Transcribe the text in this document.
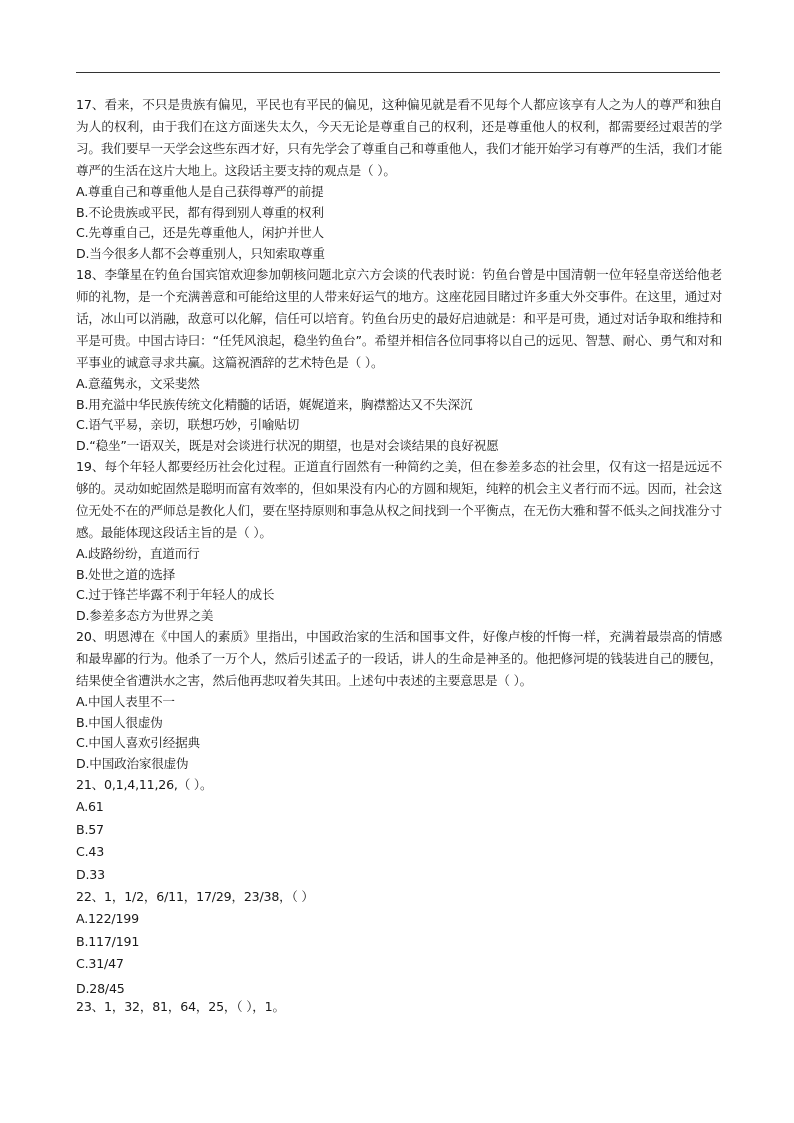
17、看来，不只是贵族有偏见，平民也有平民的偏见，这种偏见就是看不见每个人都应该享有人之为人的尊严和独自为人的权利，由于我们在这方面迷失太久，今天无论是尊重自己的权利，还是尊重他人的权利，都需要经过艰苦的学习。我们要早一天学会这些东西才好，只有先学会了尊重自己和尊重他人，我们才能开始学习有尊严的生活，我们才能尊严的生活在这片大地上。这段话主要支持的观点是（ ）。

A.尊重自己和尊重他人是自己获得尊严的前提

B.不论贵族或平民，都有得到别人尊重的权利

C.先尊重自己，还是先尊重他人，闲护并世人

D.当今很多人都不会尊重别人，只知索取尊重

18、李肇星在钓鱼台国宾馆欢迎参加朝核问题北京六方会谈的代表时说：钓鱼台曾是中国清朝一位年轻皇帝送给他老师的礼物，是一个充满善意和可能给这里的人带来好运气的地方。这座花园目睹过许多重大外交事件。在这里，通过对话，冰山可以消融，敌意可以化解，信任可以培育。钓鱼台历史的最好启迪就是：和平是可贵，通过对话争取和维持和平是可贵。中国古诗曰：“任凭风浪起，稳坐钓鱼台”。希望并相信各位同事将以自己的远见、智慧、耐心、勇气和对和平事业的诚意寻求共赢。这篇祝酒辞的艺术特色是（ ）。

A.意蕴隽永，文采斐然

B.用充溢中华民族传统文化精髓的话语，娓娓道来，胸襟豁达又不失深沉

C.语气平易，亲切，联想巧妙，引喻贴切

D.“稳坐”一语双关，既是对会谈进行状况的期望，也是对会谈结果的良好祝愿

19、每个年轻人都要经历社会化过程。正道直行固然有一种简约之美，但在参差多态的社会里，仅有这一招是远远不够的。灵动如蛇固然是聪明而富有效率的，但如果没有内心的方圆和规矩，纯粹的机会主义者行而不远。因而，社会这位无处不在的严师总是教化人们，要在坚持原则和事急从权之间找到一个平衡点，在无伤大雅和誓不低头之间找准分寸感。最能体现这段话主旨的是（ ）。

A.歧路纷纷，直道而行

B.处世之道的选择

C.过于锋芒毕露不利于年轻人的成长

D.参差多态方为世界之美

20、明恩溥在《中国人的素质》里指出，中国政治家的生活和国事文件，好像卢梭的忏悔一样，充满着最崇高的情感和最卑鄙的行为。他杀了一万个人，然后引述孟子的一段话，讲人的生命是神圣的。他把修河堤的钱装进自己的腰包，结果使全省遭洪水之害，然后他再悲叹着失其田。上述句中表述的主要意思是（ ）。

A.中国人表里不一

B.中国人很虚伪

C.中国人喜欢引经据典

D.中国政治家很虚伪

21、0,1,4,11,26,（ ）。

A.61

B.57

C.43

D.33

22、1，1/2，6/11，17/29，23/38，（ ）

A.122/199

B.117/191

C.31/47

D.28/45

23、1，32，81，64，25，（ ），1。
